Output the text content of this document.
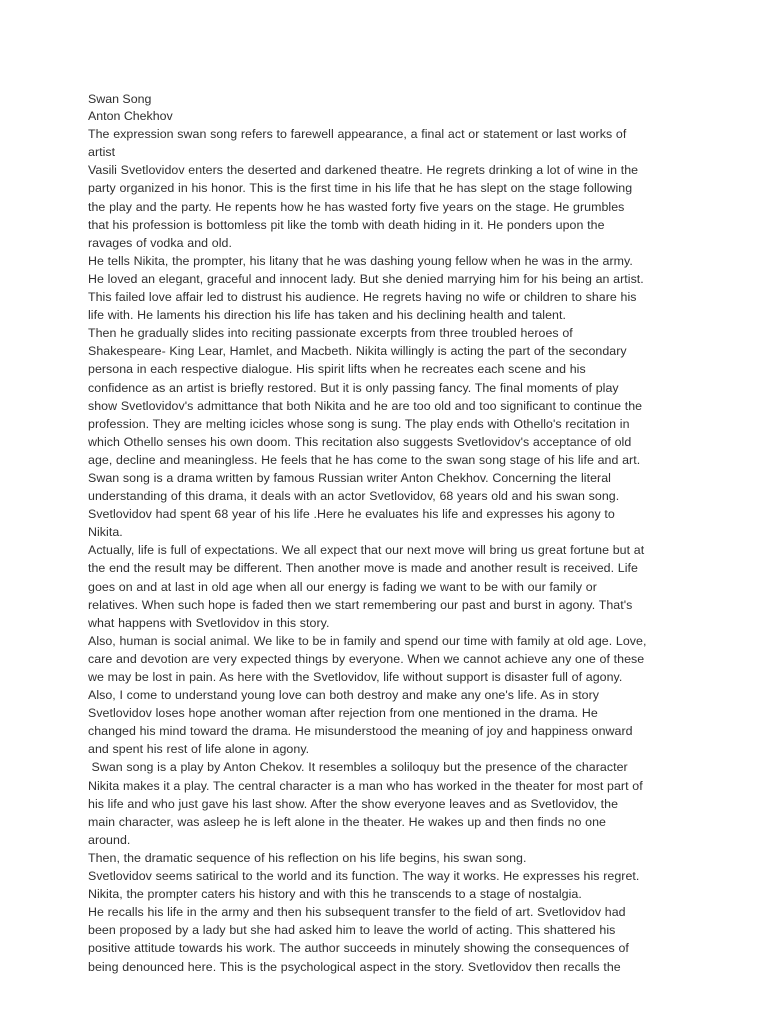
Swan Song
Anton Chekhov

The expression swan song refers to farewell appearance, a final act or statement or last works of
artist

Vasili Svetlovidov enters the deserted and darkened theatre. He regrets drinking a lot of wine in the
party organized in his honor. This is the first time in his life that he has slept on the stage following
the play and the party. He repents how he has wasted forty five years on the stage. He grumbles
that his profession is bottomless pit like the tomb with death hiding in it. He ponders upon the
ravages of vodka and old.

He tells Nikita, the prompter, his litany that he was dashing young fellow when he was in the army.
He loved an elegant, graceful and innocent lady. But she denied marrying him for his being an artist.
This failed love affair led to distrust his audience. He regrets having no wife or children to share his
life with. He laments his direction his life has taken and his declining health and talent.

Then he gradually slides into reciting passionate excerpts from three troubled heroes of
Shakespeare- King Lear, Hamlet, and Macbeth. Nikita willingly is acting the part of the secondary
persona in each respective dialogue. His spirit lifts when he recreates each scene and his
confidence as an artist is briefly restored. But it is only passing fancy. The final moments of play
show Svetlovidov's admittance that both Nikita and he are too old and too significant to continue the
profession. They are melting icicles whose song is sung. The play ends with Othello's recitation in
which Othello senses his own doom. This recitation also suggests Svetlovidov's acceptance of old
age, decline and meaningless. He feels that he has come to the swan song stage of his life and art.

Swan song is a drama written by famous Russian writer Anton Chekhov. Concerning the literal
understanding of this drama, it deals with an actor Svetlovidov, 68 years old and his swan song.
Svetlovidov had spent 68 year of his life .Here he evaluates his life and expresses his agony to
Nikita.

Actually, life is full of expectations. We all expect that our next move will bring us great fortune but at
the end the result may be different. Then another move is made and another result is received. Life
goes on and at last in old age when all our energy is fading we want to be with our family or
relatives. When such hope is faded then we start remembering our past and burst in agony. That's
what happens with Svetlovidov in this story.

Also, human is social animal. We like to be in family and spend our time with family at old age. Love,
care and devotion are very expected things by everyone. When we cannot achieve any one of these
we may be lost in pain. As here with the Svetlovidov, life without support is disaster full of agony.
Also, I come to understand young love can both destroy and make any one's life. As in story
Svetlovidov loses hope another woman after rejection from one mentioned in the drama. He
changed his mind toward the drama. He misunderstood the meaning of joy and happiness onward
and spent his rest of life alone in agony.

Swan song is a play by Anton Chekov. It resembles a soliloquy but the presence of the character
Nikita makes it a play. The central character is a man who has worked in the theater for most part of
his life and who just gave his last show. After the show everyone leaves and as Svetlovidov, the
main character, was asleep he is left alone in the theater. He wakes up and then finds no one
around.

Then, the dramatic sequence of his reflection on his life begins, his swan song.

Svetlovidov seems satirical to the world and its function. The way it works. He expresses his regret.
Nikita, the prompter caters his history and with this he transcends to a stage of nostalgia.

He recalls his life in the army and then his subsequent transfer to the field of art. Svetlovidov had
been proposed by a lady but she had asked him to leave the world of acting. This shattered his
positive attitude towards his work. The author succeeds in minutely showing the consequences of
being denounced here. This is the psychological aspect in the story. Svetlovidov then recalls the
